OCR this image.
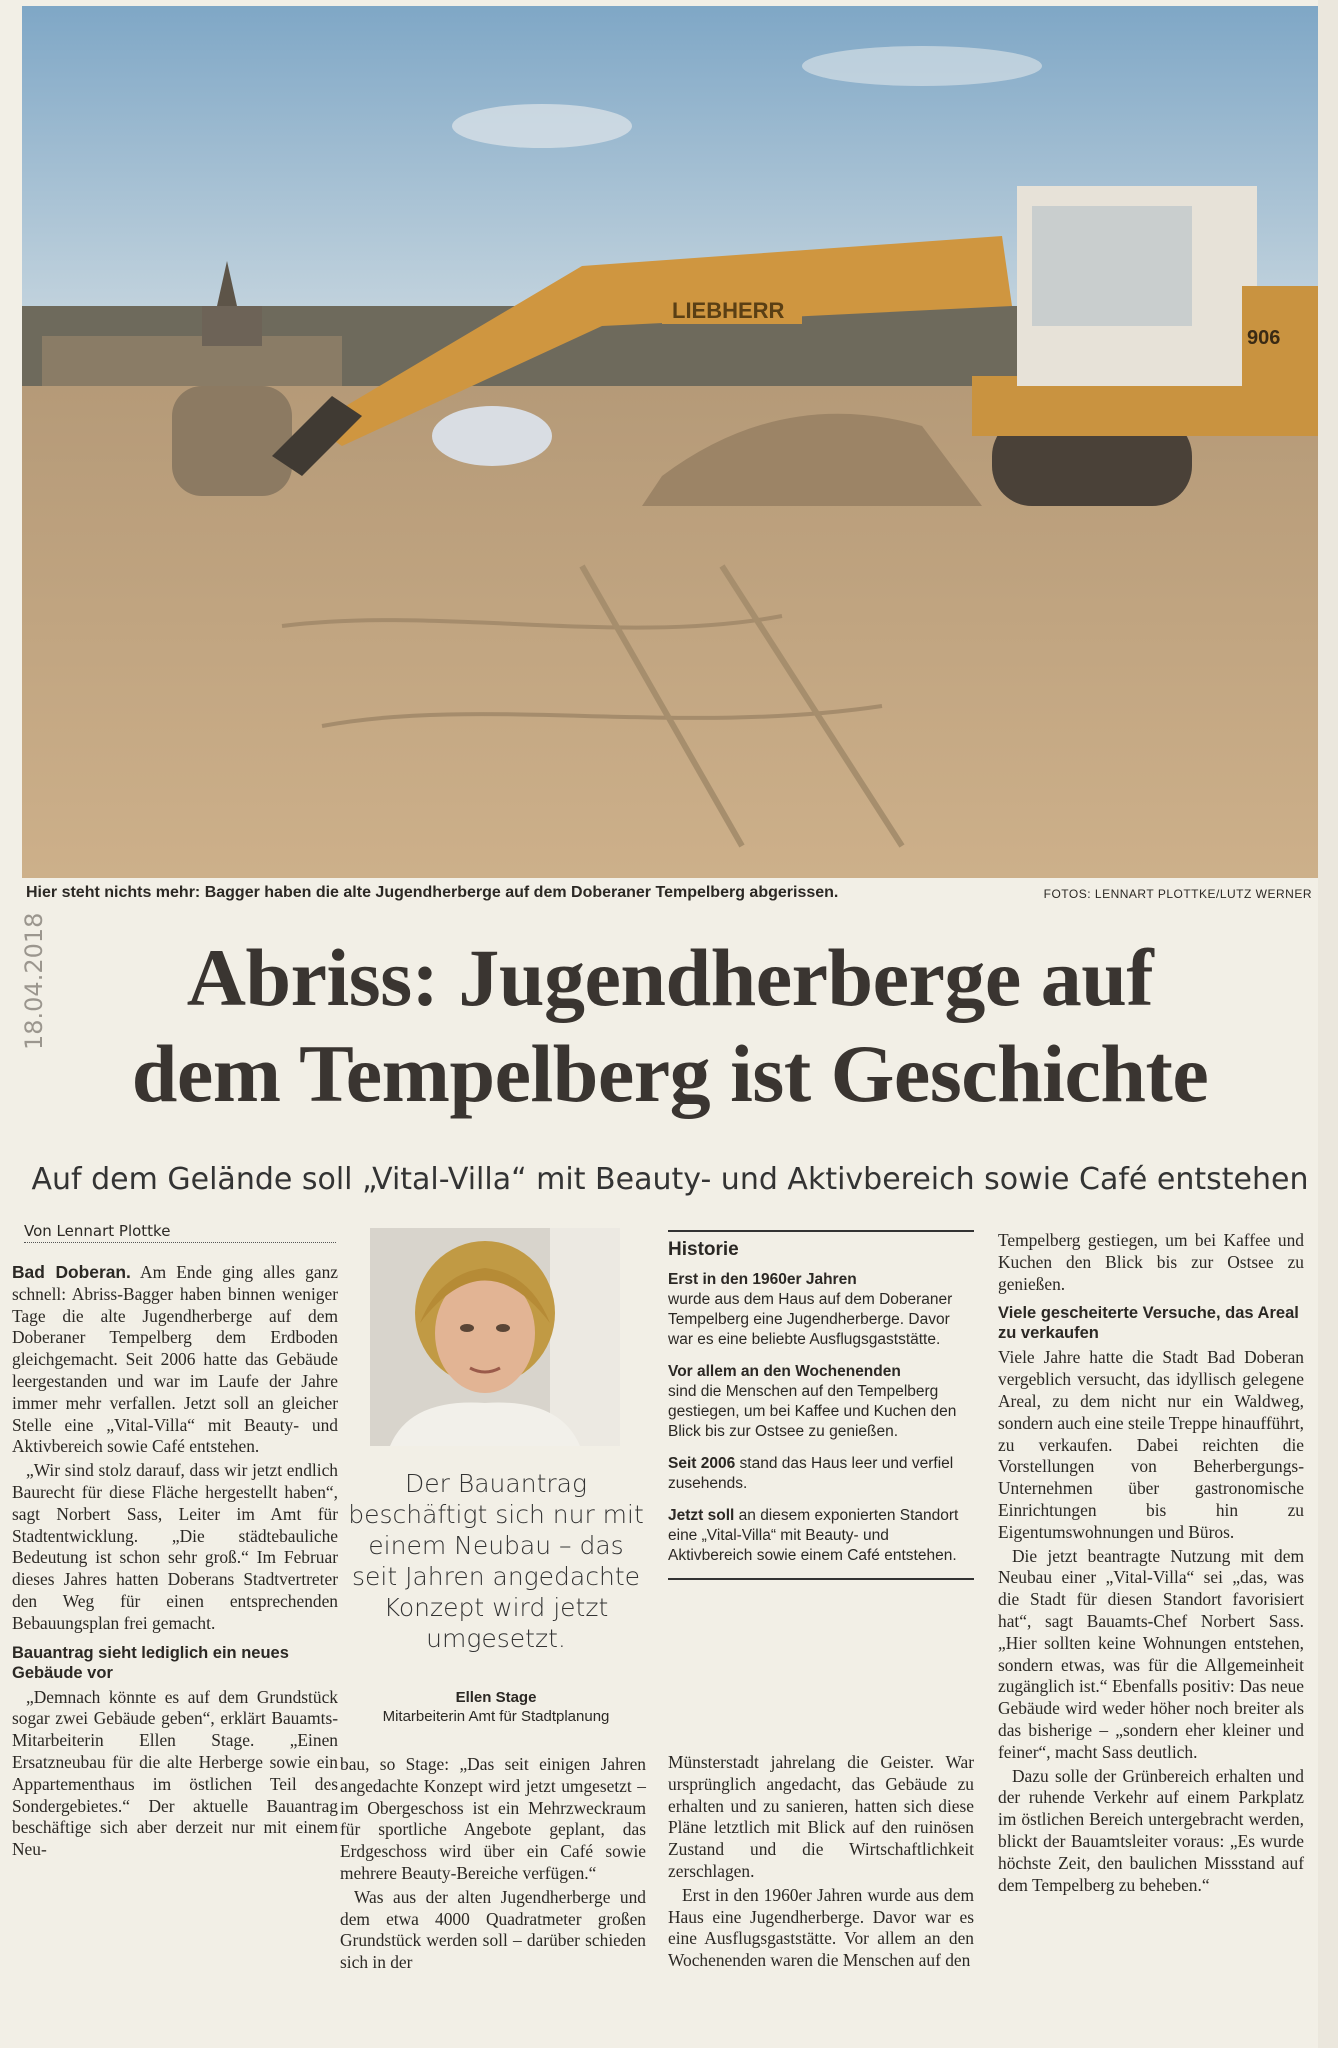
LIEBHERR
906
Hier steht nichts mehr: Bagger haben die alte Jugendherberge auf dem Doberaner Tempelberg abgerissen.	FOTOS: LENNART PLOTTKE/LUTZ WERNER
18.04.2018	Abriss: Jugendherberge auf
dem Tempelberg ist Geschichte
Auf dem Gelände soll „Vital-Villa“ mit Beauty- und Aktivbereich sowie Café entstehen
Von Lennart Plottke

Bad Doberan. Am Ende ging alles ganz schnell: Abriss-Bagger haben binnen weniger Tage die alte Jugendherberge auf dem Doberaner Tempelberg dem Erdboden gleichgemacht. Seit 2006 hatte das Gebäude leergestanden und war im Laufe der Jahre immer mehr verfallen. Jetzt soll an gleicher Stelle eine „Vital-Villa“ mit Beauty- und Aktivbereich sowie Café entstehen.

„Wir sind stolz darauf, dass wir jetzt endlich Baurecht für diese Fläche hergestellt haben“, sagt Norbert Sass, Leiter im Amt für Stadtentwicklung. „Die städtebauliche Bedeutung ist schon sehr groß.“ Im Februar dieses Jahres hatten Doberans Stadtvertreter den Weg für einen entsprechenden Bebauungsplan frei gemacht.

Bauantrag sieht lediglich ein neues Gebäude vor

„Demnach könnte es auf dem Grundstück sogar zwei Gebäude geben“, erklärt Bauamts-Mitarbeiterin Ellen Stage. „Einen Ersatzneubau für die alte Herberge sowie ein Appartementhaus im östlichen Teil des Sondergebietes.“ Der aktuelle Bauantrag beschäftige sich aber derzeit nur mit einem Neu-

Der Bauantrag beschäftigt sich nur mit einem Neubau – das seit Jahren angedachte Konzept wird jetzt umgesetzt.
Ellen Stage
Mitarbeiterin Amt für Stadtplanung

bau, so Stage: „Das seit einigen Jahren angedachte Konzept wird jetzt umgesetzt – im Obergeschoss ist ein Mehrzweckraum für sportliche Angebote geplant, das Erdgeschoss wird über ein Café sowie mehrere Beauty-Bereiche verfügen.“

Was aus der alten Jugendherberge und dem etwa 4000 Quadratmeter großen Grundstück werden soll – darüber schieden sich in der

Historie

Erst in den 1960er Jahren
wurde aus dem Haus auf dem Doberaner Tempelberg eine Jugendherberge. Davor war es eine beliebte Ausflugsgaststätte.

Vor allem an den Wochenenden
sind die Menschen auf den Tempelberg gestiegen, um bei Kaffee und Kuchen den Blick bis zur Ostsee zu genießen.

Seit 2006 stand das Haus leer und verfiel zusehends.

Jetzt soll an diesem exponierten Standort eine „Vital-Villa“ mit Beauty- und Aktivbereich sowie einem Café entstehen.

Münsterstadt jahrelang die Geister. War ursprünglich angedacht, das Gebäude zu erhalten und zu sanieren, hatten sich diese Pläne letztlich mit Blick auf den ruinösen Zustand und die Wirtschaftlichkeit zerschlagen.

Erst in den 1960er Jahren wurde aus dem Haus eine Jugendherberge. Davor war es eine Ausflugsgaststätte. Vor allem an den Wochenenden waren die Menschen auf den

Tempelberg gestiegen, um bei Kaffee und Kuchen den Blick bis zur Ostsee zu genießen.

Viele gescheiterte Versuche, das Areal zu verkaufen

Viele Jahre hatte die Stadt Bad Doberan vergeblich versucht, das idyllisch gelegene Areal, zu dem nicht nur ein Waldweg, sondern auch eine steile Treppe hinaufführt, zu verkaufen. Dabei reichten die Vorstellungen von Beherbergungs-Unternehmen über gastronomische Einrichtungen bis hin zu Eigentumswohnungen und Büros.

Die jetzt beantragte Nutzung mit dem Neubau einer „Vital-Villa“ sei „das, was die Stadt für diesen Standort favorisiert hat“, sagt Bauamts-Chef Norbert Sass. „Hier sollten keine Wohnungen entstehen, sondern etwas, was für die Allgemeinheit zugänglich ist.“ Ebenfalls positiv: Das neue Gebäude wird weder höher noch breiter als das bisherige – „sondern eher kleiner und feiner“, macht Sass deutlich.

Dazu solle der Grünbereich erhalten und der ruhende Verkehr auf einem Parkplatz im östlichen Bereich untergebracht werden, blickt der Bauamtsleiter voraus: „Es wurde höchste Zeit, den baulichen Missstand auf dem Tempelberg zu beheben.“
